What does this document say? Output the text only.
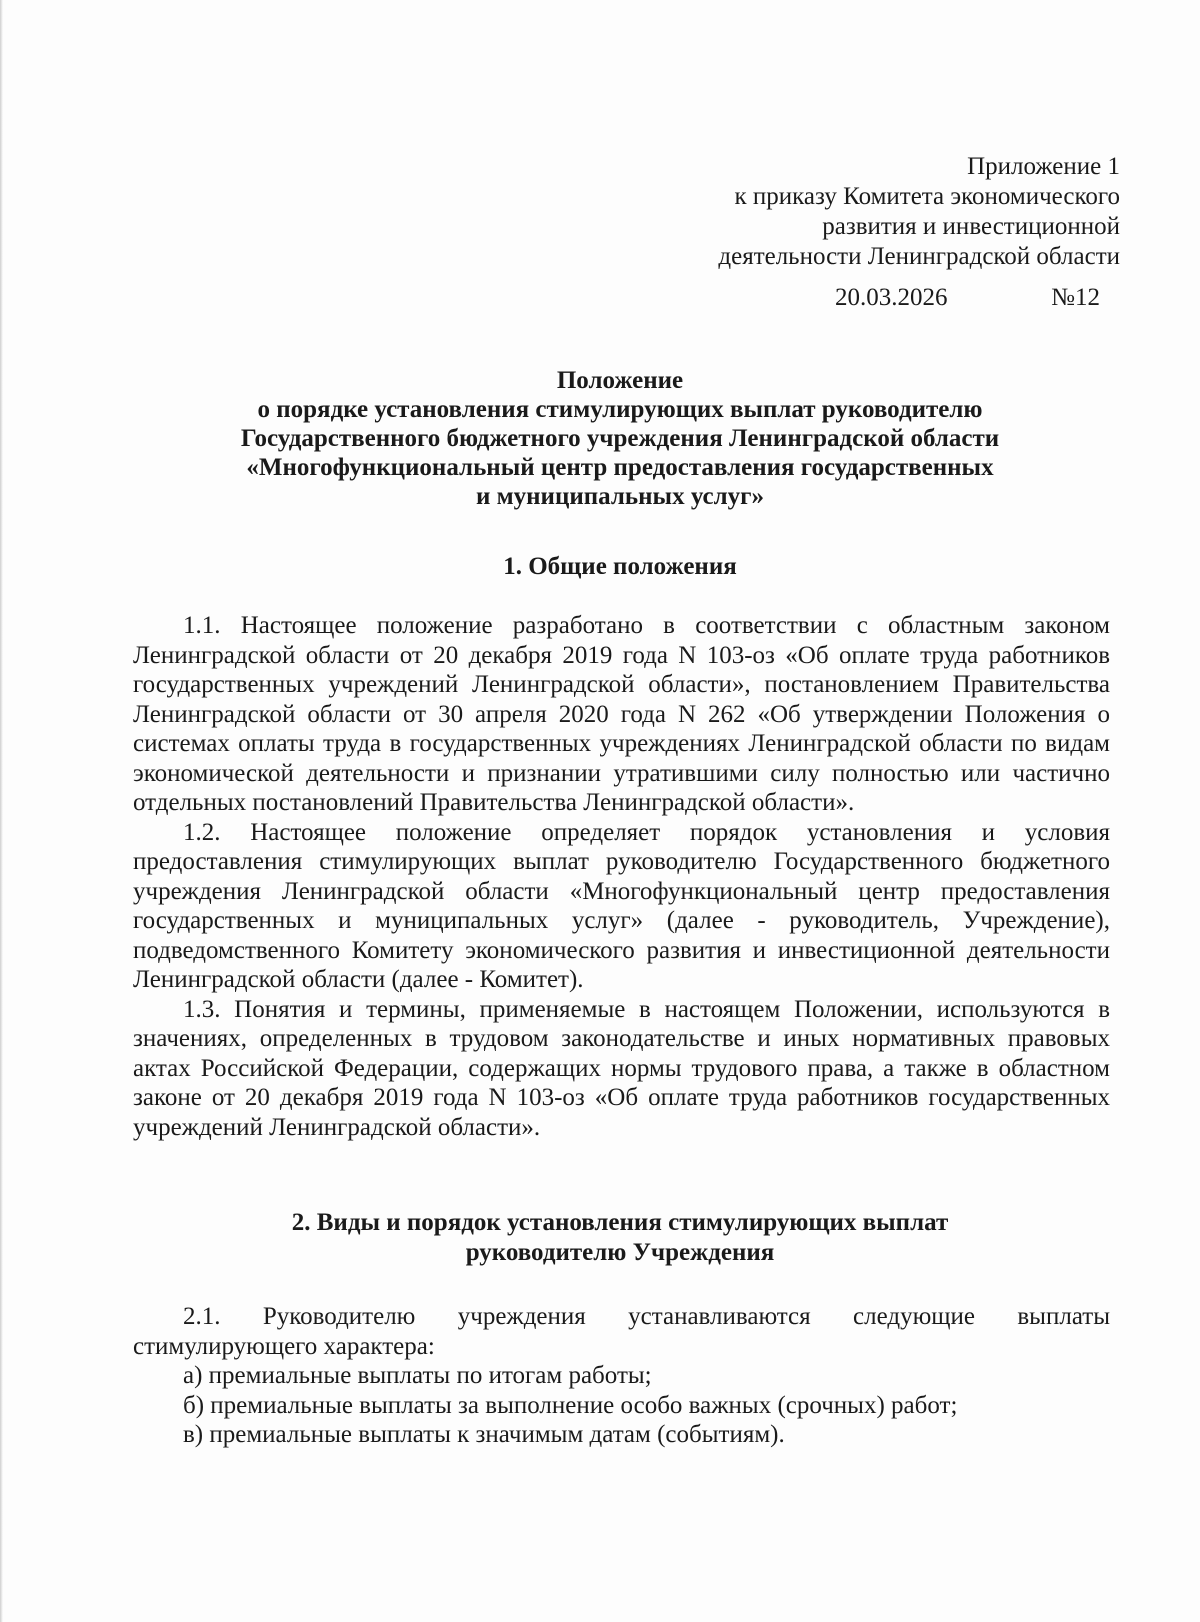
Приложение 1
к приказу Комитета экономического
развития и инвестиционной
деятельности Ленинградской области
20.03.2026	№12
Положение
о порядке установления стимулирующих выплат руководителю
Государственного бюджетного учреждения Ленинградской области
«Многофункциональный центр предоставления государственных
и муниципальных услуг»
1. Общие положения

1.1. Настоящее положение разработано в соответствии с областным законом Ленинградской области от 20 декабря 2019 года N 103-оз «Об оплате труда работников государственных учреждений Ленинградской области», постановлением Правительства Ленинградской области от 30 апреля 2020 года N 262 «Об утверждении Положения о системах оплаты труда в государственных учреждениях Ленинградской области по видам экономической деятельности и признании утратившими силу полностью или частично отдельных постановлений Правительства Ленинградской области».

1.2. Настоящее положение определяет порядок установления и условия предоставления стимулирующих выплат руководителю Государственного бюджетного учреждения Ленинградской области «Многофункциональный центр предоставления государственных и муниципальных услуг» (далее - руководитель, Учреждение), подведомственного Комитету экономического развития и инвестиционной деятельности Ленинградской области (далее - Комитет).

1.3. Понятия и термины, применяемые в настоящем Положении, используются в значениях, определенных в трудовом законодательстве и иных нормативных правовых актах Российской Федерации, содержащих нормы трудового права, а также в областном законе от 20 декабря 2019 года N 103-оз «Об оплате труда работников государственных учреждений Ленинградской области».

2. Виды и порядок установления стимулирующих выплат
руководителю Учреждения

2.1. Руководителю учреждения устанавливаются следующие выплаты стимулирующего характера:

а) премиальные выплаты по итогам работы;

б) премиальные выплаты за выполнение особо важных (срочных) работ;

в) премиальные выплаты к значимым датам (событиям).
